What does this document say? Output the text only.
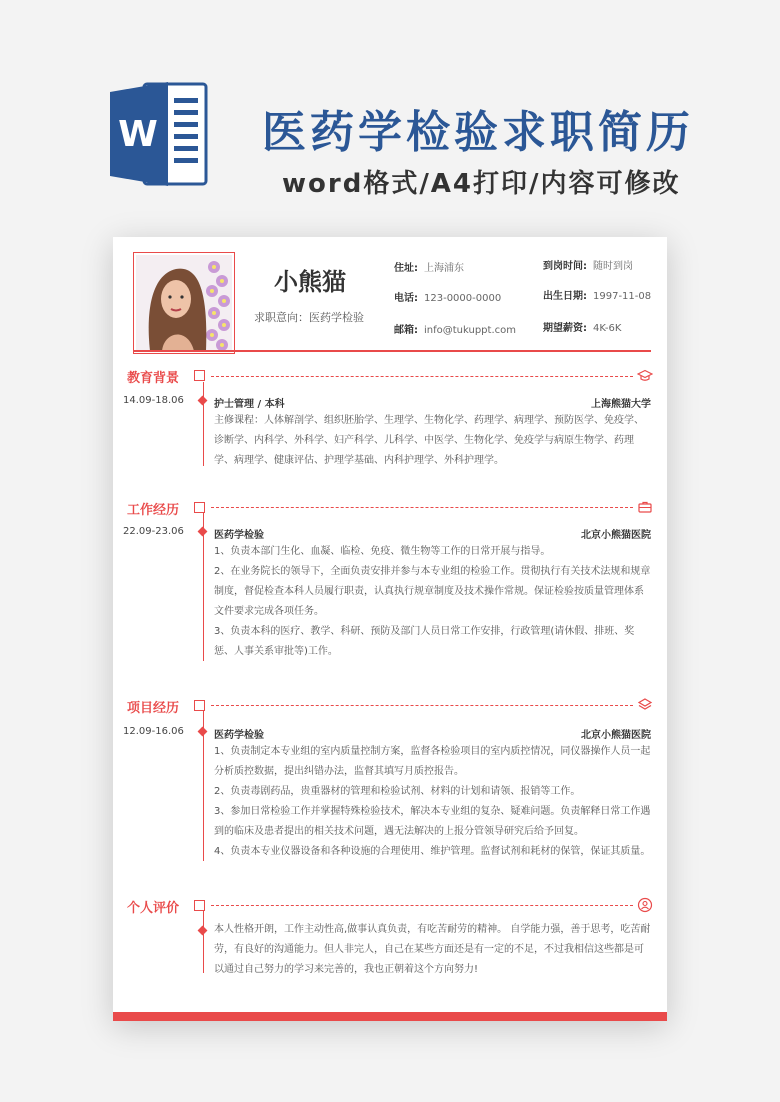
W 医药学检验求职简历
word格式/A4打印/内容可修改
小熊猫
求职意向：医药学检验
住址: 上海浦东	到岗时间: 随时到岗
电话: 123-0000-0000	出生日期: 1997-11-08
邮箱: info@tukuppt.com	期望薪资: 4K-6K
教育背景
14.09-18.06	护士管理 / 本科	上海熊猫大学

主修课程：人体解剖学、组织胚胎学、生理学、生物化学、药理学、病理学、预防医学、免疫学、诊断学、内科学、外科学、妇产科学、儿科学、中医学、生物化学、免疫学与病原生物学、药理学、病理学、健康评估、护理学基础、内科护理学、外科护理学。

工作经历
22.09-23.06	医药学检验	北京小熊猫医院

1、负责本部门生化、血凝、临检、免疫、微生物等工作的日常开展与指导。

2、在业务院长的领导下，全面负责安排并参与本专业组的检验工作。贯彻执行有关技术法规和规章制度，督促检查本科人员履行职责，认真执行规章制度及技术操作常规。保证检验按质量管理体系文件要求完成各项任务。

3、负责本科的医疗、教学、科研、预防及部门人员日常工作安排，行政管理(请休假、排班、奖惩、人事关系审批等)工作。

项目经历
12.09-16.06	医药学检验	北京小熊猫医院

1、负责制定本专业组的室内质量控制方案，监督各检验项目的室内质控情况，同仪器操作人员一起分析质控数据，提出纠错办法，监督其填写月质控报告。

2、负责毒剧药品，贵重器材的管理和检验试剂、材料的计划和请领、报销等工作。

3、参加日常检验工作并掌握特殊检验技术，解决本专业组的复杂、疑难问题。负责解释日常工作遇到的临床及患者提出的相关技术问题，遇无法解决的上报分管领导研究后给予回复。

4、负责本专业仪器设备和各种设施的合理使用、维护管理。监督试剂和耗材的保管，保证其质量。

个人评价

本人性格开朗，工作主动性高,做事认真负责，有吃苦耐劳的精神。 自学能力强，善于思考，吃苦耐劳，有良好的沟通能力。但人非完人，自己在某些方面还是有一定的不足，不过我相信这些都是可以通过自己努力的学习来完善的，我也正朝着这个方向努力!
